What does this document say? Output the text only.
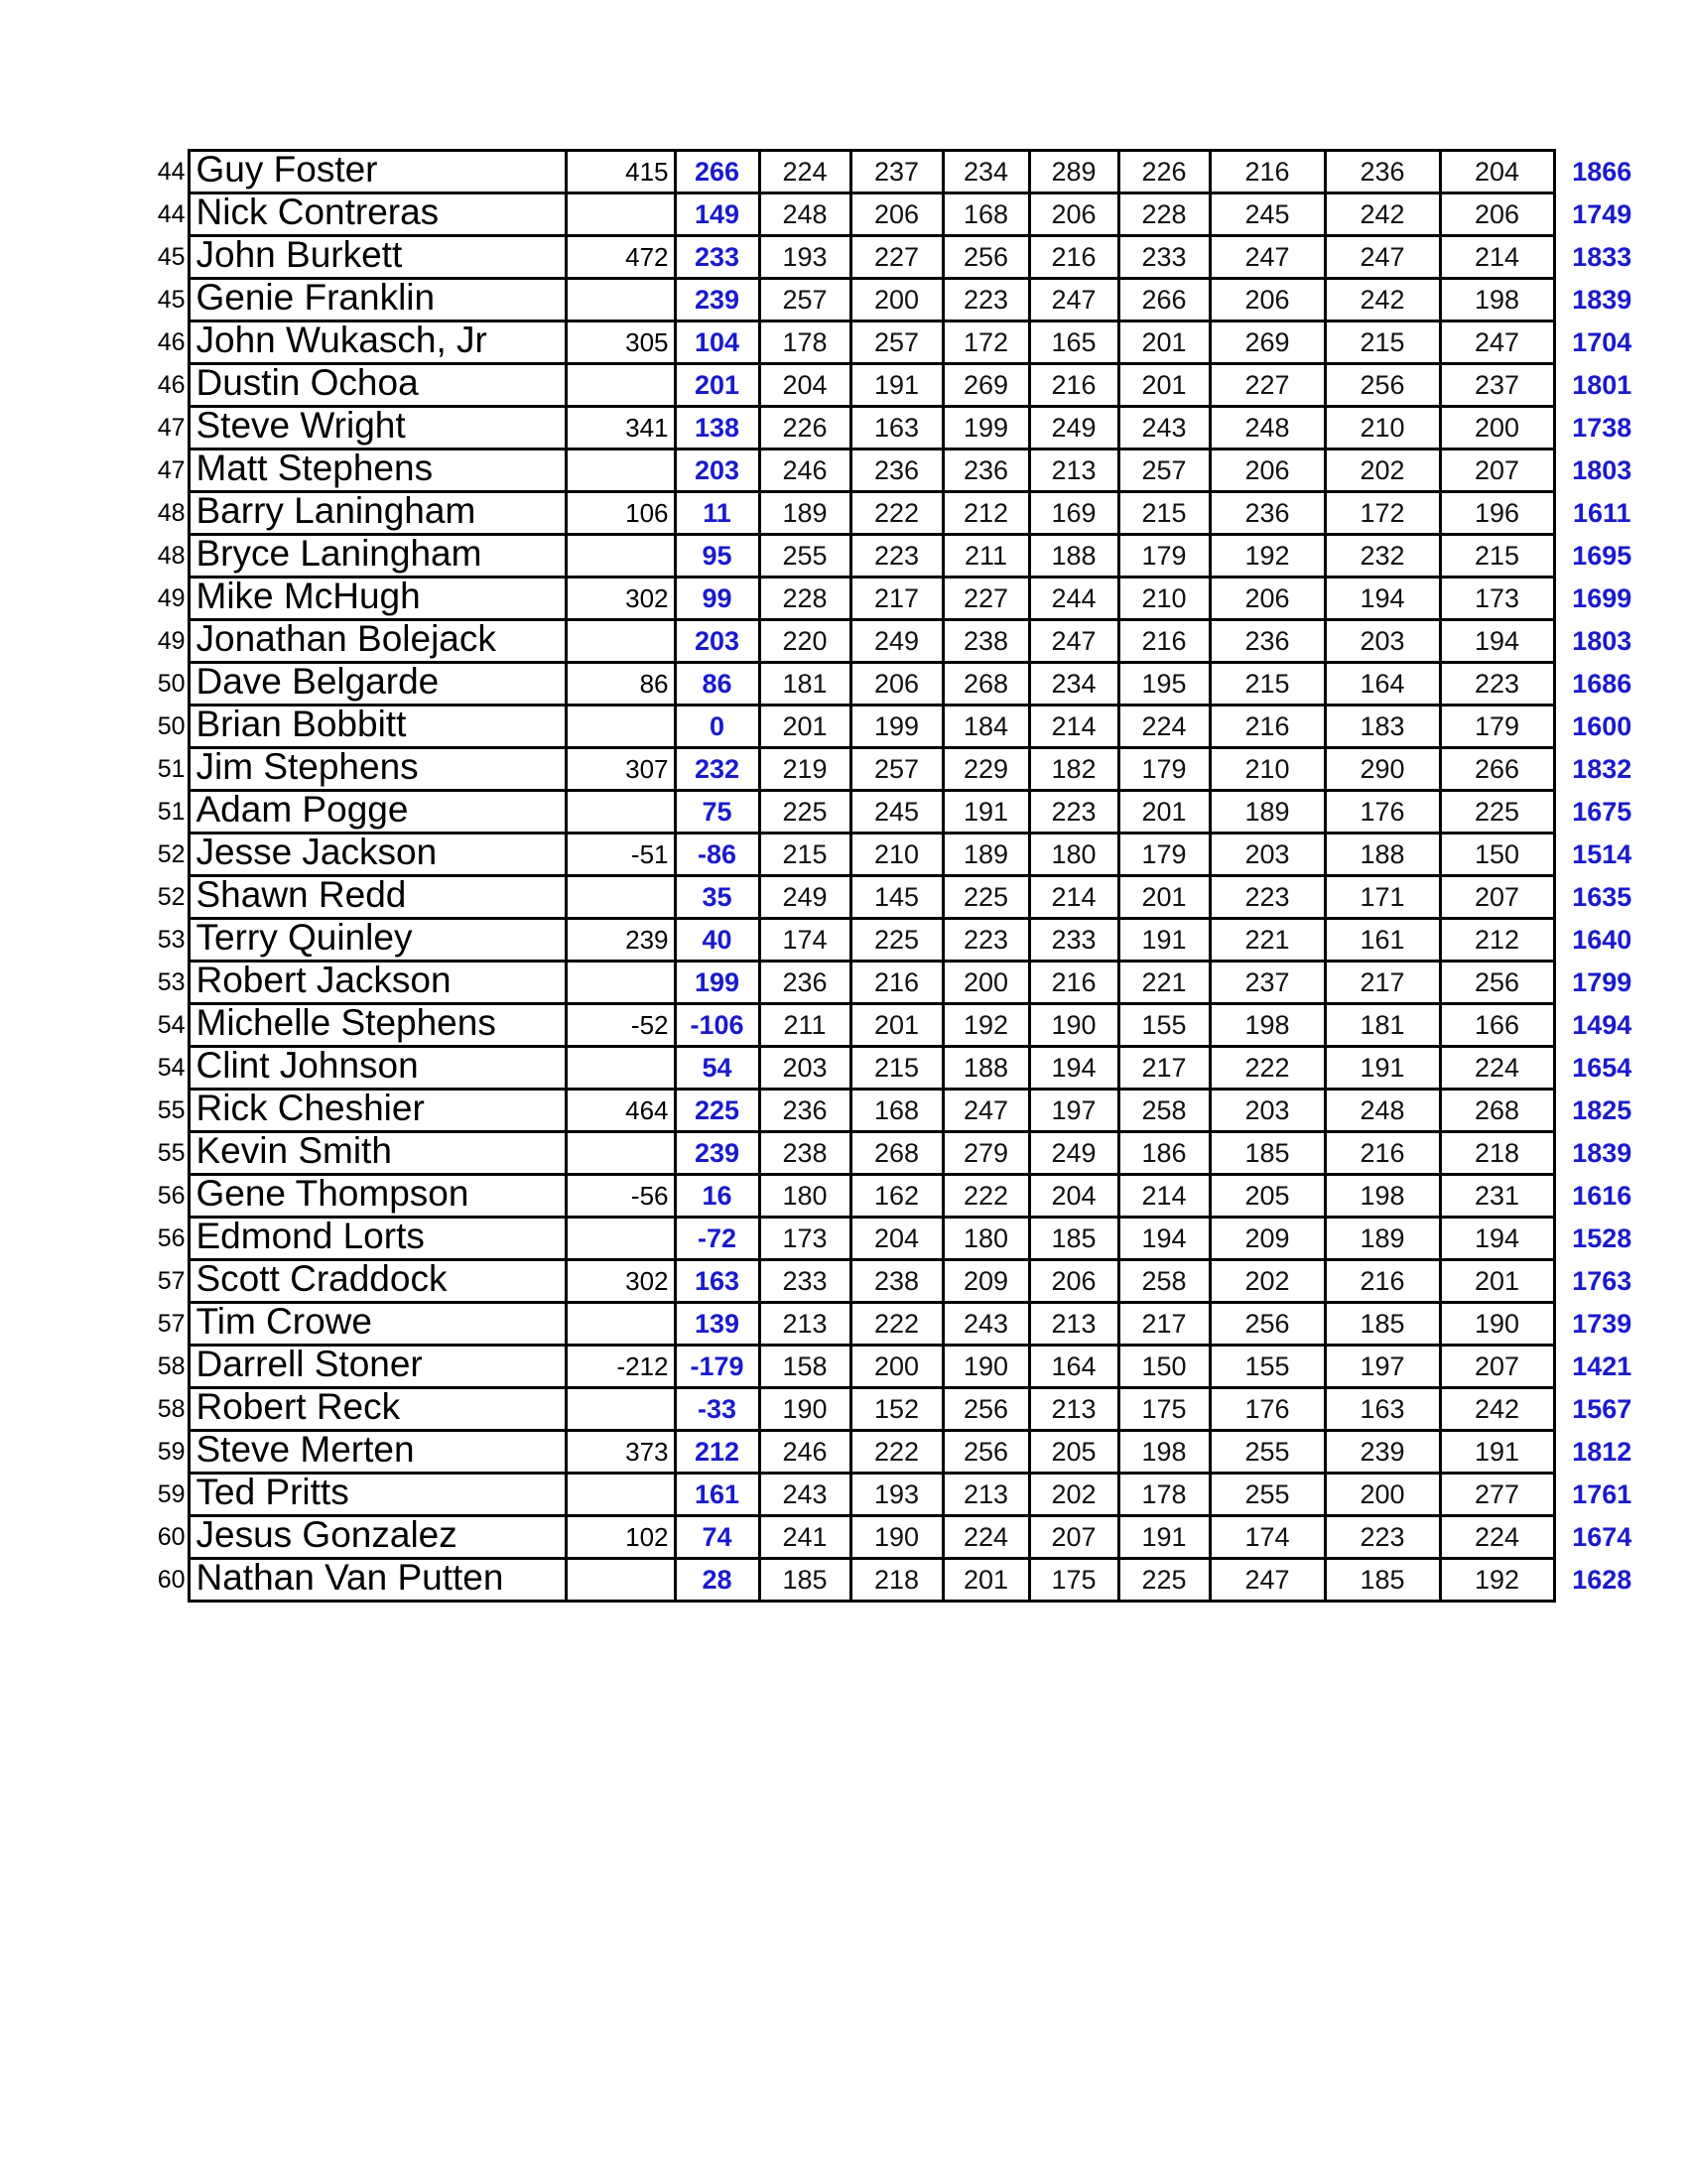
44	Guy Foster	415	266	224	237	234	289	226	216	236	204	1866
44	Nick Contreras		149	248	206	168	206	228	245	242	206	1749
45	John Burkett	472	233	193	227	256	216	233	247	247	214	1833
45	Genie Franklin		239	257	200	223	247	266	206	242	198	1839
46	John Wukasch, Jr	305	104	178	257	172	165	201	269	215	247	1704
46	Dustin Ochoa		201	204	191	269	216	201	227	256	237	1801
47	Steve Wright	341	138	226	163	199	249	243	248	210	200	1738
47	Matt Stephens		203	246	236	236	213	257	206	202	207	1803
48	Barry Laningham	106	11	189	222	212	169	215	236	172	196	1611
48	Bryce Laningham		95	255	223	211	188	179	192	232	215	1695
49	Mike McHugh	302	99	228	217	227	244	210	206	194	173	1699
49	Jonathan Bolejack		203	220	249	238	247	216	236	203	194	1803
50	Dave Belgarde	86	86	181	206	268	234	195	215	164	223	1686
50	Brian Bobbitt		0	201	199	184	214	224	216	183	179	1600
51	Jim Stephens	307	232	219	257	229	182	179	210	290	266	1832
51	Adam Pogge		75	225	245	191	223	201	189	176	225	1675
52	Jesse Jackson	-51	-86	215	210	189	180	179	203	188	150	1514
52	Shawn Redd		35	249	145	225	214	201	223	171	207	1635
53	Terry Quinley	239	40	174	225	223	233	191	221	161	212	1640
53	Robert Jackson		199	236	216	200	216	221	237	217	256	1799
54	Michelle Stephens	-52	-106	211	201	192	190	155	198	181	166	1494
54	Clint Johnson		54	203	215	188	194	217	222	191	224	1654
55	Rick Cheshier	464	225	236	168	247	197	258	203	248	268	1825
55	Kevin Smith		239	238	268	279	249	186	185	216	218	1839
56	Gene Thompson	-56	16	180	162	222	204	214	205	198	231	1616
56	Edmond Lorts		-72	173	204	180	185	194	209	189	194	1528
57	Scott Craddock	302	163	233	238	209	206	258	202	216	201	1763
57	Tim Crowe		139	213	222	243	213	217	256	185	190	1739
58	Darrell Stoner	-212	-179	158	200	190	164	150	155	197	207	1421
58	Robert Reck		-33	190	152	256	213	175	176	163	242	1567
59	Steve Merten	373	212	246	222	256	205	198	255	239	191	1812
59	Ted Pritts		161	243	193	213	202	178	255	200	277	1761
60	Jesus Gonzalez	102	74	241	190	224	207	191	174	223	224	1674
60	Nathan Van Putten		28	185	218	201	175	225	247	185	192	1628
